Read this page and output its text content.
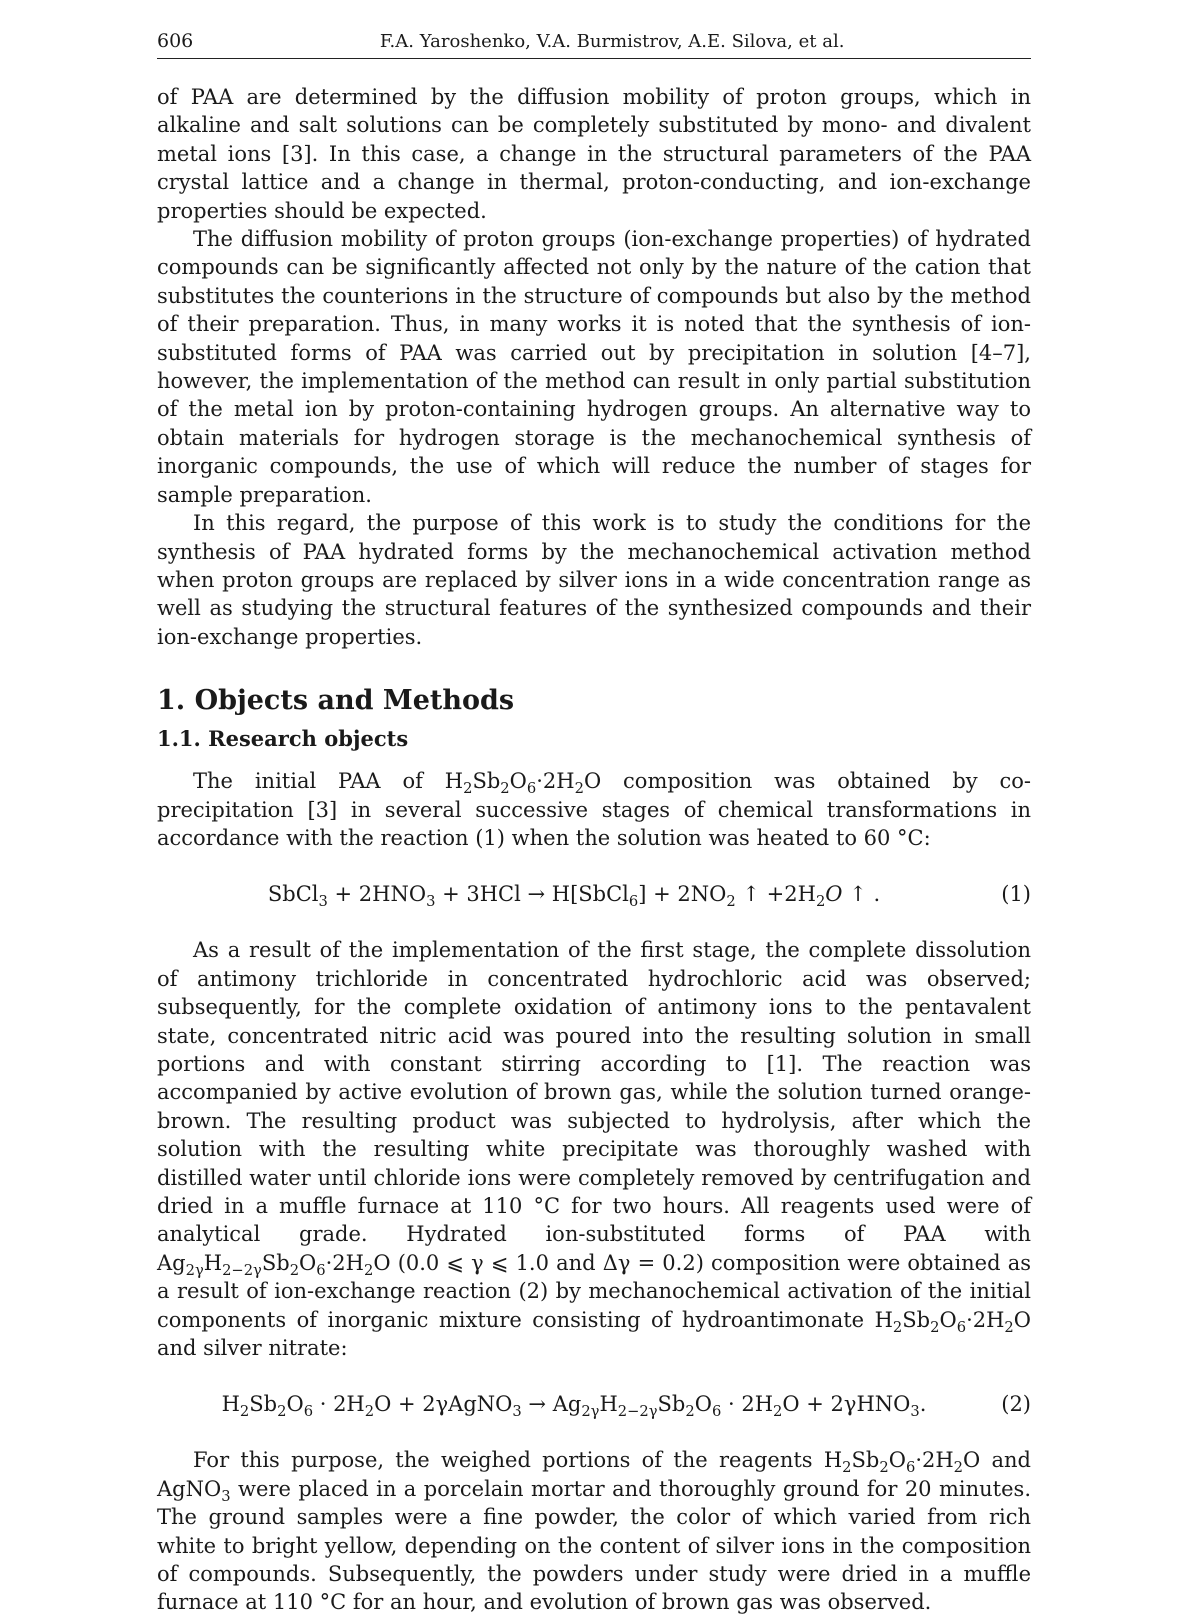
606	F.A. Yaroshenko, V.A. Burmistrov, A.E. Silova, et al.

of PAA are determined by the diffusion mobility of proton groups, which in alkaline and salt solutions can be completely substituted by mono- and divalent metal ions [3]. In this case, a change in the structural parameters of the PAA crystal lattice and a change in thermal, proton-conducting, and ion-exchange properties should be expected.

The diffusion mobility of proton groups (ion-exchange properties) of hydrated compounds can be significantly affected not only by the nature of the cation that substitutes the counterions in the structure of compounds but also by the method of their preparation. Thus, in many works it is noted that the synthesis of ion-substituted forms of PAA was carried out by precipitation in solution [4–7], however, the implementation of the method can result in only partial substitution of the metal ion by proton-containing hydrogen groups. An alternative way to obtain materials for hydrogen storage is the mechanochemical synthesis of inorganic compounds, the use of which will reduce the number of stages for sample preparation.

In this regard, the purpose of this work is to study the conditions for the synthesis of PAA hydrated forms by the mechanochemical activation method when proton groups are replaced by silver ions in a wide concentration range as well as studying the structural features of the synthesized compounds and their ion-exchange properties.

1. Objects and Methods
1.1. Research objects

The initial PAA of H2Sb2O6·2H2O composition was obtained by co-precipitation [3] in several successive stages of chemical transformations in accordance with the reaction (1) when the solution was heated to 60 °C:

SbCl3 + 2HNO3 + 3HCl → H[SbCl6] + 2NO2 ↑ +2H2O ↑ .	(1)

As a result of the implementation of the first stage, the complete dissolution of antimony trichloride in concentrated hydrochloric acid was observed; subsequently, for the complete oxidation of antimony ions to the pentavalent state, concentrated nitric acid was poured into the resulting solution in small portions and with constant stirring according to [1]. The reaction was accompanied by active evolution of brown gas, while the solution turned orange-brown. The resulting product was subjected to hydrolysis, after which the solution with the resulting white precipitate was thoroughly washed with distilled water until chloride ions were completely removed by centrifugation and dried in a muffle furnace at 110 °C for two hours. All reagents used were of analytical grade. Hydrated ion-substituted forms of PAA with Ag2γH2−2γSb2O6·2H2O (0.0 ⩽ γ ⩽ 1.0 and Δγ = 0.2) composition were obtained as a result of ion-exchange reaction (2) by mechanochemical activation of the initial components of inorganic mixture consisting of hydroantimonate H2Sb2O6·2H2O and silver nitrate:

H2Sb2O6 · 2H2O + 2γAgNO3 → Ag2γH2−2γSb2O6 · 2H2O + 2γHNO3.	(2)

For this purpose, the weighed portions of the reagents H2Sb2O6·2H2O and AgNO3 were placed in a porcelain mortar and thoroughly ground for 20 minutes. The ground samples were a fine powder, the color of which varied from rich white to bright yellow, depending on the content of silver ions in the composition of compounds. Subsequently, the powders under study were dried in a muffle furnace at 110 °C for an hour, and evolution of brown gas was observed.
